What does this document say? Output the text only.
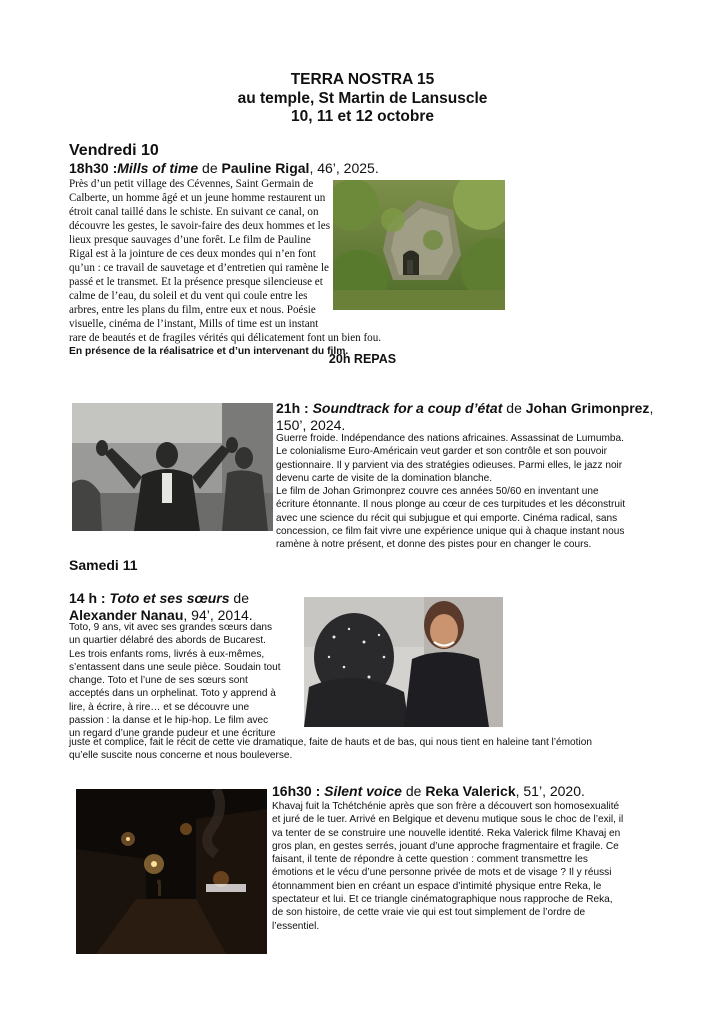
TERRA NOSTRA 15
au temple, St Martin de Lansuscle
10, 11 et 12 octobre
Vendredi 10
18h30 :Mills of time de Pauline Rigal, 46’, 2025.
Près d’un petit village des Cévennes, Saint Germain de
Calberte, un homme âgé et un jeune homme restaurent un
étroit canal taillé dans le schiste. En suivant ce canal, on
découvre les gestes, le savoir-faire des deux hommes et les
lieux presque sauvages d’une forêt. Le film de Pauline
Rigal est à la jointure de ces deux mondes qui n’en font
qu’un : ce travail de sauvetage et d’entretien qui ramène le
passé et le transmet. Et la présence presque silencieuse et
calme de l’eau, du soleil et du vent qui coule entre les
arbres, entre les plans du film, entre eux et nous. Poésie
visuelle, cinéma de l’instant, Mills of time est un instant
rare de beautés et de fragiles vérités qui délicatement font un bien fou.
En présence de la réalisatrice et d’un intervenant du film.
20h REPAS
21h : Soundtrack for a coup d’état de Johan Grimonprez,
150’, 2024.
Guerre froide. Indépendance des nations africaines. Assassinat de Lumumba.
Le colonialisme Euro-Américain veut garder et son contrôle et son pouvoir
gestionnaire. Il y parvient via des stratégies odieuses. Parmi elles, le jazz noir
devenu carte de visite de la domination blanche.
Le film de Johan Grimonprez couvre ces années 50/60 en inventant une
écriture étonnante. Il nous plonge au cœur de ces turpitudes et les déconstruit
avec une science du récit qui subjugue et qui emporte. Cinéma radical, sans
concession, ce film fait vivre une expérience unique qui à chaque instant nous
ramène à notre présent, et donne des pistes pour en changer le cours.
Samedi 11
14 h : Toto et ses sœurs de
Alexander Nanau, 94’, 2014.
Toto, 9 ans, vit avec ses grandes sœurs dans
un quartier délabré des abords de Bucarest.
Les trois enfants roms, livrés à eux-mêmes,
s’entassent dans une seule pièce. Soudain tout
change. Toto et l’une de ses sœurs sont
acceptés dans un orphelinat. Toto y apprend à
lire, à écrire, à rire… et se découvre une
passion : la danse et le hip-hop. Le film avec
un regard d’une grande pudeur et une écriture
juste et complice, fait le récit de cette vie dramatique, faite de hauts et de bas, qui nous tient en haleine tant l’émotion
qu’elle suscite nous concerne et nous bouleverse.
16h30 : Silent voice de Reka Valerick, 51’, 2020.
Khavaj fuit la Tchétchénie après que son frère a découvert son homosexualité
et juré de le tuer. Arrivé en Belgique et devenu mutique sous le choc de l’exil, il
va tenter de se construire une nouvelle identité. Reka Valerick filme Khavaj en
gros plan, en gestes serrés, jouant d’une approche fragmentaire et fragile. Ce
faisant, il tente de répondre à cette question : comment transmettre les
émotions et le vécu d’une personne privée de mots et de visage ? Il y réussi
étonnamment bien en créant un espace d’intimité physique entre Reka, le
spectateur et lui. Et ce triangle cinématographique nous rapproche de Reka,
de son histoire, de cette vraie vie qui est tout simplement de l’ordre de
l’essentiel.
